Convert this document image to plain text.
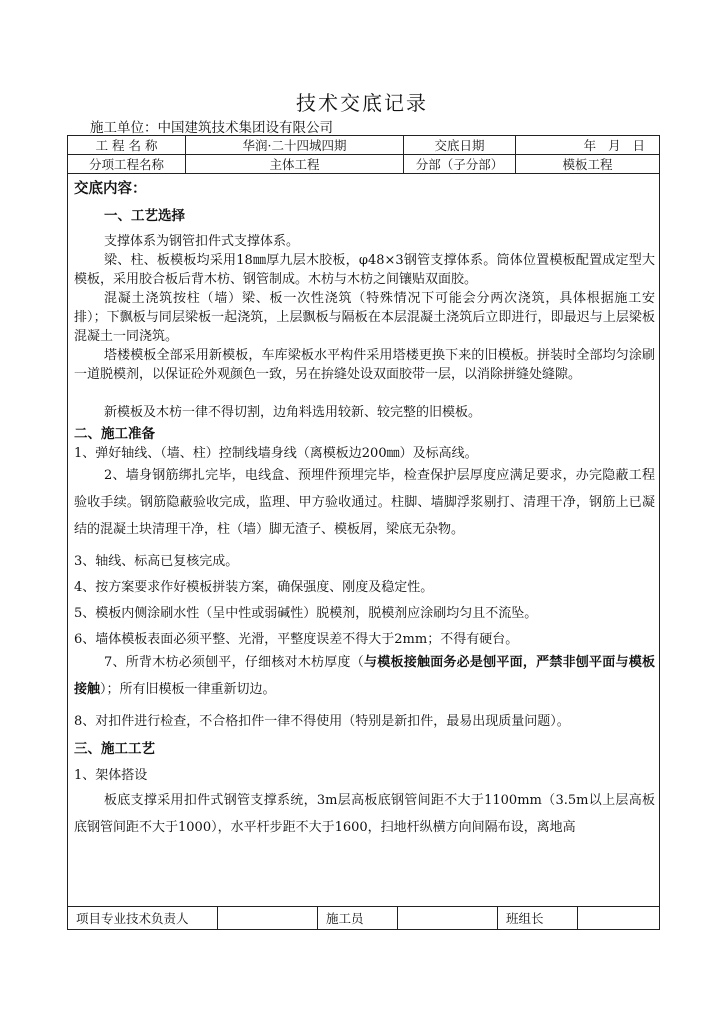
技术交底记录
施工单位：中国建筑技术集团设有限公司
工 程 名 称	华润·二十四城四期	交底日期	年   月   日
分项工程名称	主体工程	分部（子分部）	模板工程
交底内容：
一、工艺选择
支撑体系为钢管扣件式支撑体系。
梁、柱、板模板均采用18㎜厚九层木胶板，φ48×3钢管支撑体系。筒体位置模板配置成定型大模板，采用胶合板后背木枋、钢管制成。木枋与木枋之间镶贴双面胶。
混凝土浇筑按柱（墙）梁、板一次性浇筑（特殊情况下可能会分两次浇筑，具体根据施工安排）；下飘板与同层梁板一起浇筑，上层飘板与隔板在本层混凝土浇筑后立即进行，即最迟与上层梁板混凝土一同浇筑。
塔楼模板全部采用新模板，车库梁板水平构件采用塔楼更换下来的旧模板。拼装时全部均匀涂刷一道脱模剂，以保证砼外观颜色一致，另在拚缝处设双面胶带一层，以消除拼缝处缝隙。
新模板及木枋一律不得切割，边角料选用较新、较完整的旧模板。
二、施工准备
1、弹好轴线、（墙、柱）控制线墙身线（离模板边200㎜）及标高线。
2、墙身钢筋绑扎完毕，电线盒、预埋件预埋完毕，检查保护层厚度应满足要求，办完隐蔽工程验收手续。钢筋隐蔽验收完成，监理、甲方验收通过。柱脚、墙脚浮浆剔打、清理干净，钢筋上已凝结的混凝土块清理干净，柱（墙）脚无渣子、模板屑，梁底无杂物。
3、轴线、标高已复核完成。
4、按方案要求作好模板拼装方案，确保强度、刚度及稳定性。
5、模板内侧涂刷水性（呈中性或弱碱性）脱模剂，脱模剂应涂刷均匀且不流坠。
6、墙体模板表面必须平整、光滑，平整度误差不得大于2mm；不得有硬台。
7、所背木枋必须刨平，仔细核对木枋厚度（与模板接触面务必是刨平面，严禁非刨平面与模板接触）；所有旧模板一律重新切边。
8、对扣件进行检查，不合格扣件一律不得使用（特别是新扣件，最易出现质量问题）。
三、施工工艺
1、架体搭设
板底支撑采用扣件式钢管支撑系统，3m层高板底钢管间距不大于1100mm（3.5m以上层高板底钢管间距不大于1000），水平杆步距不大于1600，扫地杆纵横方向间隔布设，离地高
项目专业技术负责人		施工员		班组长	
